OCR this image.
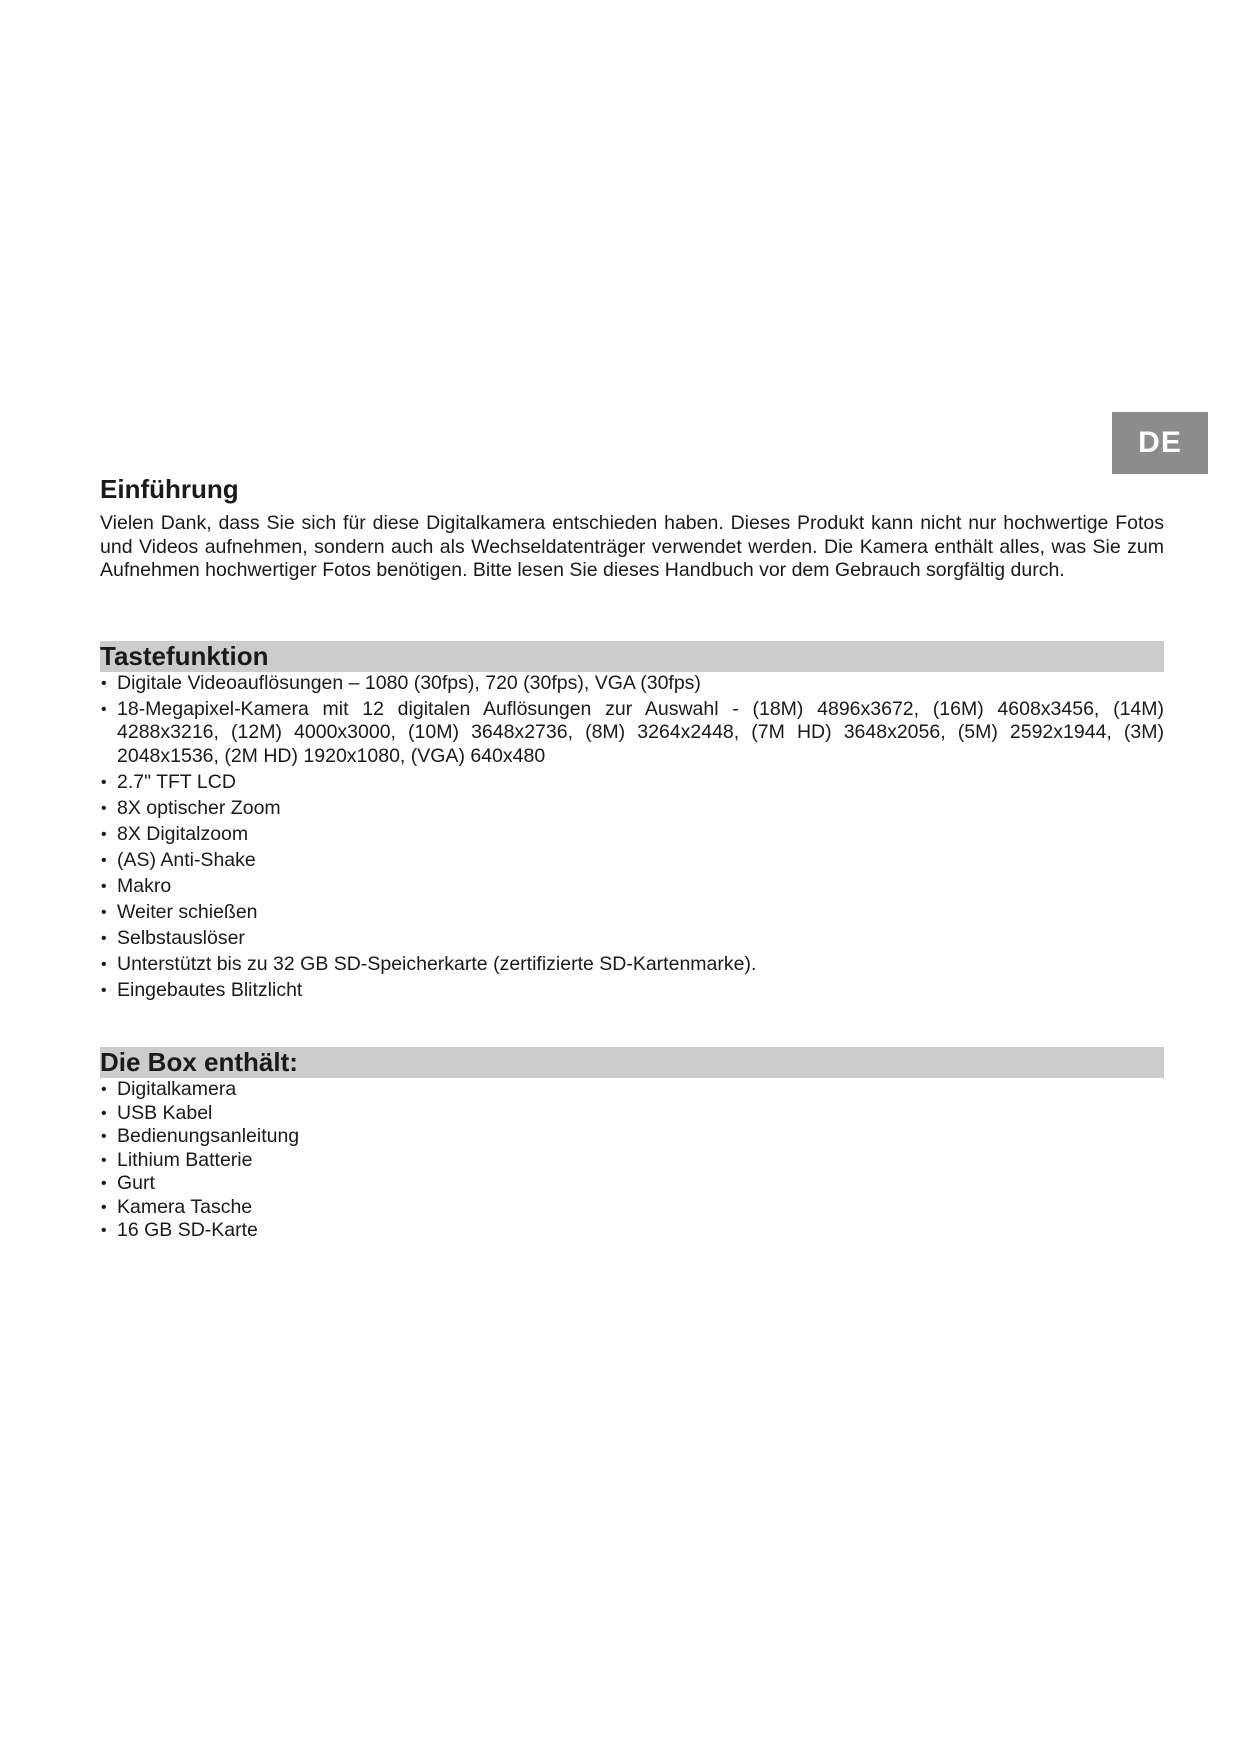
DE
Einführung

Vielen Dank, dass Sie sich für diese Digitalkamera entschieden haben. Dieses Produkt kann nicht nur hochwertige Fotos und Videos aufnehmen, sondern auch als Wechseldatenträger verwendet werden. Die Kamera enthält alles, was Sie zum Aufnehmen hochwertiger Fotos benötigen. Bitte lesen Sie dieses Handbuch vor dem Gebrauch sorgfältig durch.

Tastefunktion
• Digitale Videoauflösungen – 1080 (30fps), 720 (30fps), VGA (30fps)
• 18-Megapixel-Kamera mit 12 digitalen Auflösungen zur Auswahl - (18M) 4896x3672, (16M) 4608x3456, (14M) 4288x3216, (12M) 4000x3000, (10M) 3648x2736, (8M) 3264x2448, (7M HD) 3648x2056, (5M) 2592x1944, (3M) 2048x1536, (2M HD) 1920x1080, (VGA) 640x480
• 2.7" TFT LCD
• 8X optischer Zoom
• 8X Digitalzoom
• (AS) Anti-Shake
• Makro
• Weiter schießen
• Selbstauslöser
• Unterstützt bis zu 32 GB SD-Speicherkarte (zertifizierte SD-Kartenmarke).
• Eingebautes Blitzlicht
Die Box enthält:
• Digitalkamera
• USB Kabel
• Bedienungsanleitung
• Lithium Batterie
• Gurt
• Kamera Tasche
• 16 GB SD-Karte
